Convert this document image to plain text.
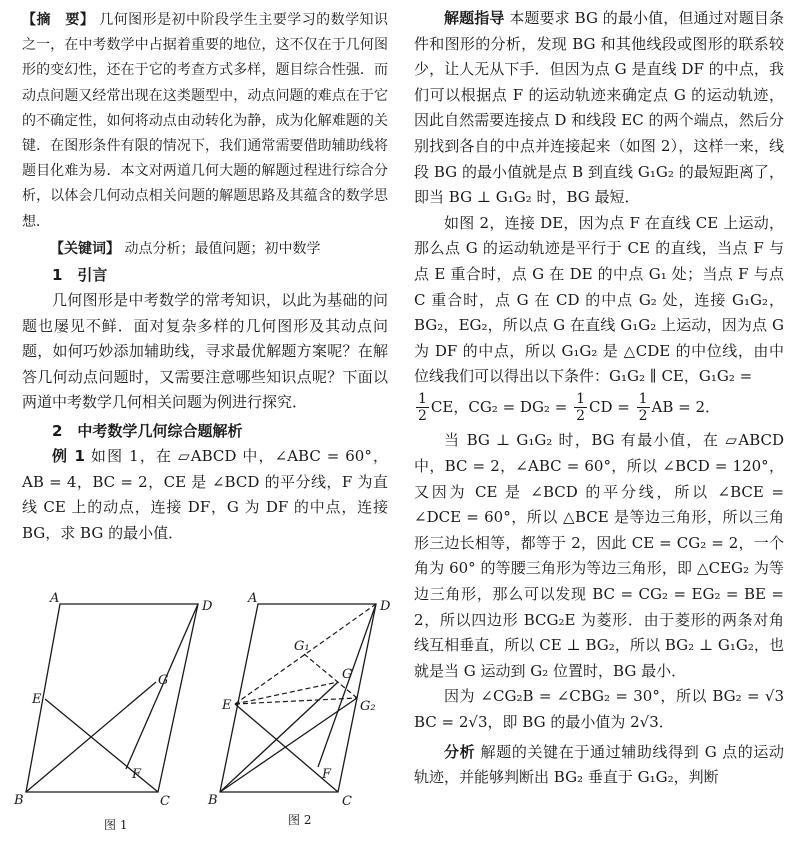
【摘　要】 几何图形是初中阶段学生主要学习的数学知识之一，在中考数学中占据着重要的地位，这不仅在于几何图形的变幻性，还在于它的考查方式多样，题目综合性强．而动点问题又经常出现在这类题型中，动点问题的难点在于它的不确定性，如何将动点由动转化为静，成为化解难题的关键．在图形条件有限的情况下，我们通常需要借助辅助线将题目化难为易．本文对两道几何大题的解题过程进行综合分析，以体会几何动点相关问题的解题思路及其蕴含的数学思想．

【关键词】 动点分析；最值问题；初中数学

1　引言

几何图形是中考数学的常考知识，以此为基础的问题也屡见不鲜．面对复杂多样的几何图形及其动点问题，如何巧妙添加辅助线，寻求最优解题方案呢？在解答几何动点问题时，又需要注意哪些知识点呢？下面以两道中考数学几何相关问题为例进行探究．

2　中考数学几何综合题解析

例 1 如图 1，在 ▱ABCD 中，∠ABC = 60°，AB = 4，BC = 2，CE 是 ∠BCD 的平分线，F 为直线 CE 上的动点，连接 DF，G 为 DF 的中点，连接 BG，求 BG 的最小值．

A
D
B	C
E
G
F
图 1
A
D
B	C
E
G
F
G₁
G₂
图 2

解题指导 本题要求 BG 的最小值，但通过对题目条件和图形的分析，发现 BG 和其他线段或图形的联系较少，让人无从下手．但因为点 G 是直线 DF 的中点，我们可以根据点 F 的运动轨迹来确定点 G 的运动轨迹，因此自然需要连接点 D 和线段 EC 的两个端点，然后分别找到各自的中点并连接起来（如图 2），这样一来，线段 BG 的最小值就是点 B 到直线 G₁G₂ 的最短距离了，即当 BG ⊥ G₁G₂ 时，BG 最短．

如图 2，连接 DE，因为点 F 在直线 CE 上运动，那么点 G 的运动轨迹是平行于 CE 的直线，当点 F 与点 E 重合时，点 G 在 DE 的中点 G₁ 处；当点 F 与点 C 重合时，点 G 在 CD 的中点 G₂ 处，连接 G₁G₂，BG₂，EG₂，所以点 G 在直线 G₁G₂ 上运动，因为点 G 为 DF 的中点，所以 G₁G₂ 是 △CDE 的中位线，由中位线我们可以得出以下条件：G₁G₂ ∥ CE，G₁G₂ =

$\frac{1}{2}$ CE，$CG_2 = DG_2 = \frac{1}{2}$ CD = $\frac{1}{2}$ AB = 2．

当 BG ⊥ G₁G₂ 时，BG 有最小值，在 ▱ABCD 中，BC = 2，∠ABC = 60°，所以 ∠BCD = 120°，又因为 CE 是 ∠BCD 的平分线，所以 ∠BCE = ∠DCE = 60°，所以 △BCE 是等边三角形，所以三角形三边长相等，都等于 2，因此 CE = CG₂ = 2，一个角为 60° 的等腰三角形为等边三角形，即 △CEG₂ 为等边三角形，那么可以发现 BC = CG₂ = EG₂ = BE = 2，所以四边形 BCG₂E 为菱形．由于菱形的两条对角线互相垂直，所以 CE ⊥ BG₂，所以 BG₂ ⊥ G₁G₂，也就是当 G 运动到 G₂ 位置时，BG 最小．

因为 ∠CG₂B = ∠CBG₂ = 30°，所以 BG₂ = √3 BC = 2√3，即 BG 的最小值为 2√3．

分析 解题的关键在于通过辅助线得到 G 点的运动轨迹，并能够判断出 BG₂ 垂直于 G₁G₂，判断
